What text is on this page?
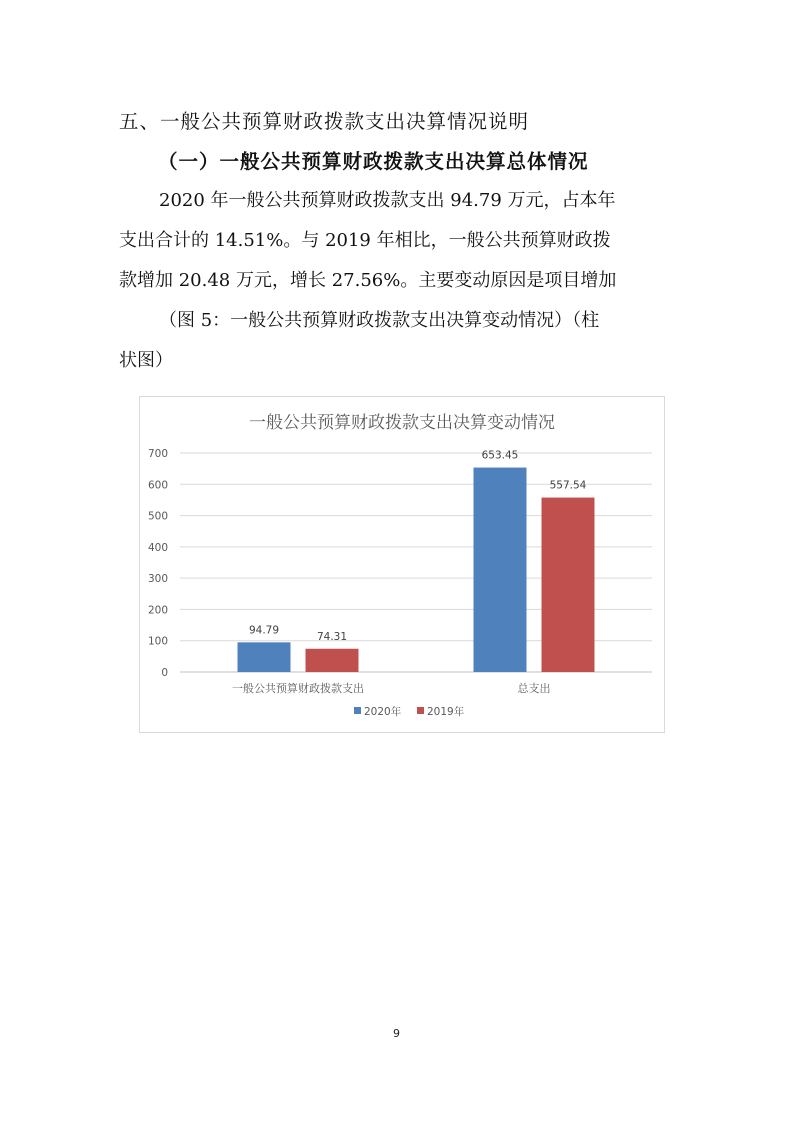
五、一般公共预算财政拨款支出决算情况说明
（一）一般公共预算财政拨款支出决算总体情况
2020 年一般公共预算财政拨款支出 94.79 万元，占本年
支出合计的 14.51%。与 2019 年相比，一般公共预算财政拨
款增加 20.48 万元，增长 27.56%。主要变动原因是项目增加
（图 5：一般公共预算财政拨款支出决算变动情况）（柱
状图）
一般公共预算财政拨款支出决算变动情况
0
100
200
300
400
500
600
700
94.79
74.31
一般公共预算财政拨款支出
653.45
557.54
总支出
2020年 2019年
9
